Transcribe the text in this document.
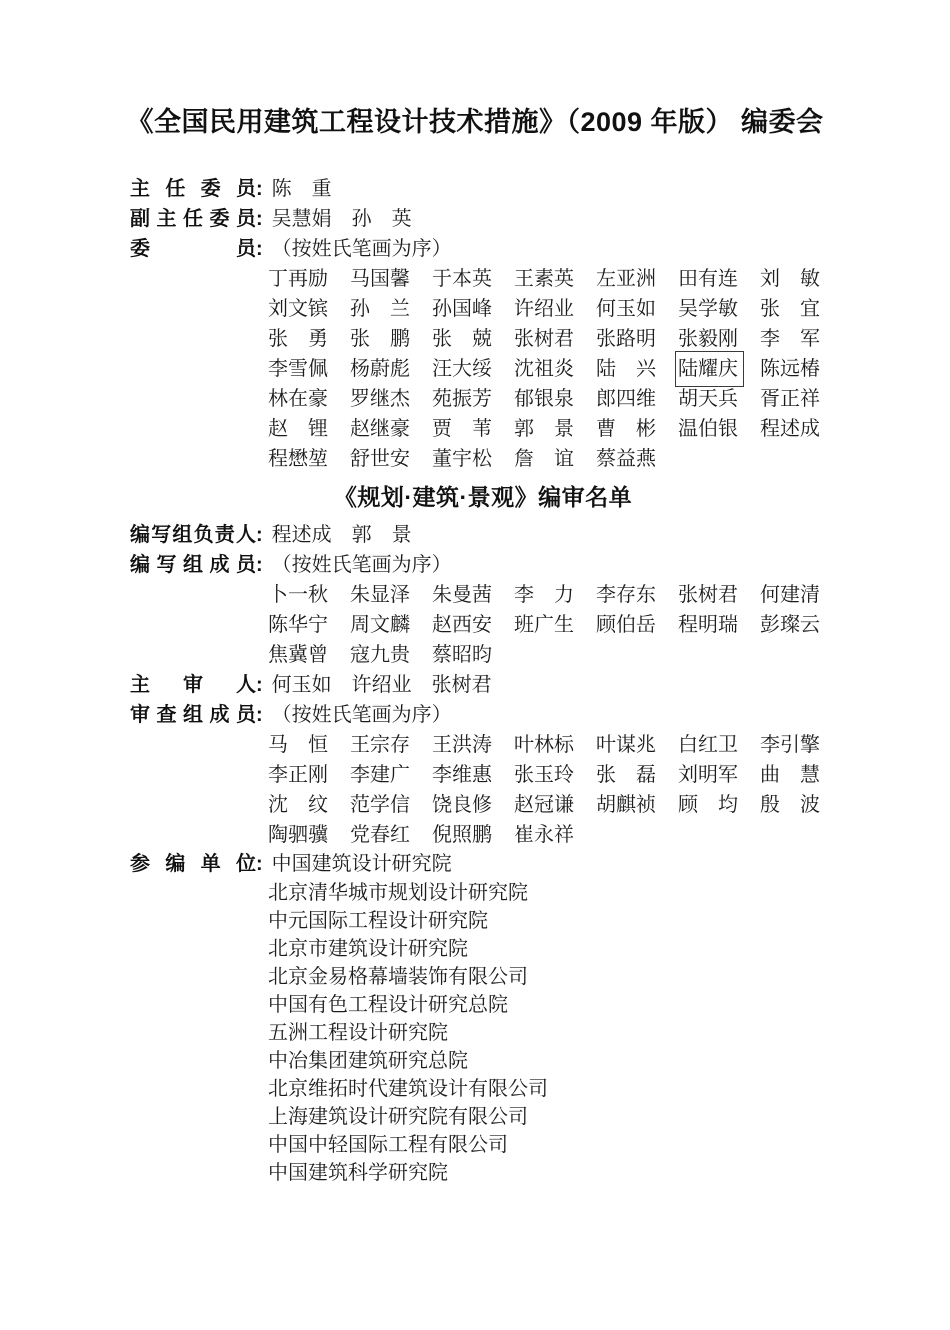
《全国民用建筑工程设计技术措施》（2009 年版） 编委会
主任委员 : 陈　重
副主任委员 : 吴慧娟　孙　英
委员 : （按姓氏笔画为序）
丁再励 马国馨 于本英 王素英 左亚洲 田有连 刘　敏
刘文镔 孙　兰 孙国峰 许绍业 何玉如 吴学敏 张　宜
张　勇 张　鹏 张　兢 张树君 张路明 张毅刚 李　军
李雪佩 杨蔚彪 汪大绥 沈祖炎 陆　兴 陆耀庆 陈远椿
林在豪 罗继杰 苑振芳 郁银泉 郎四维 胡天兵 胥正祥
赵　锂 赵继豪 贾　苇 郭　景 曹　彬 温伯银 程述成
程懋堃 舒世安 董宇松 詹　谊 蔡益燕
《规划·建筑·景观》编审名单
编写组负责人 : 程述成　郭　景
编写组成员 : （按姓氏笔画为序）
卜一秋 朱显泽 朱曼茜 李　力 李存东 张树君 何建清
陈华宁 周文麟 赵西安 班广生 顾伯岳 程明瑞 彭璨云
焦冀曾 寇九贵 蔡昭昀
主审人 : 何玉如　许绍业　张树君
审查组成员 : （按姓氏笔画为序）
马　恒 王宗存 王洪涛 叶林标 叶谋兆 白红卫 李引擎
李正刚 李建广 李维惠 张玉玲 张　磊 刘明军 曲　慧
沈　纹 范学信 饶良修 赵冠谦 胡麒祯 顾　均 殷　波
陶驷骥 党春红 倪照鹏 崔永祥
参编单位 : 中国建筑设计研究院
北京清华城市规划设计研究院
中元国际工程设计研究院
北京市建筑设计研究院
北京金易格幕墙装饰有限公司
中国有色工程设计研究总院
五洲工程设计研究院
中冶集团建筑研究总院
北京维拓时代建筑设计有限公司
上海建筑设计研究院有限公司
中国中轻国际工程有限公司
中国建筑科学研究院
